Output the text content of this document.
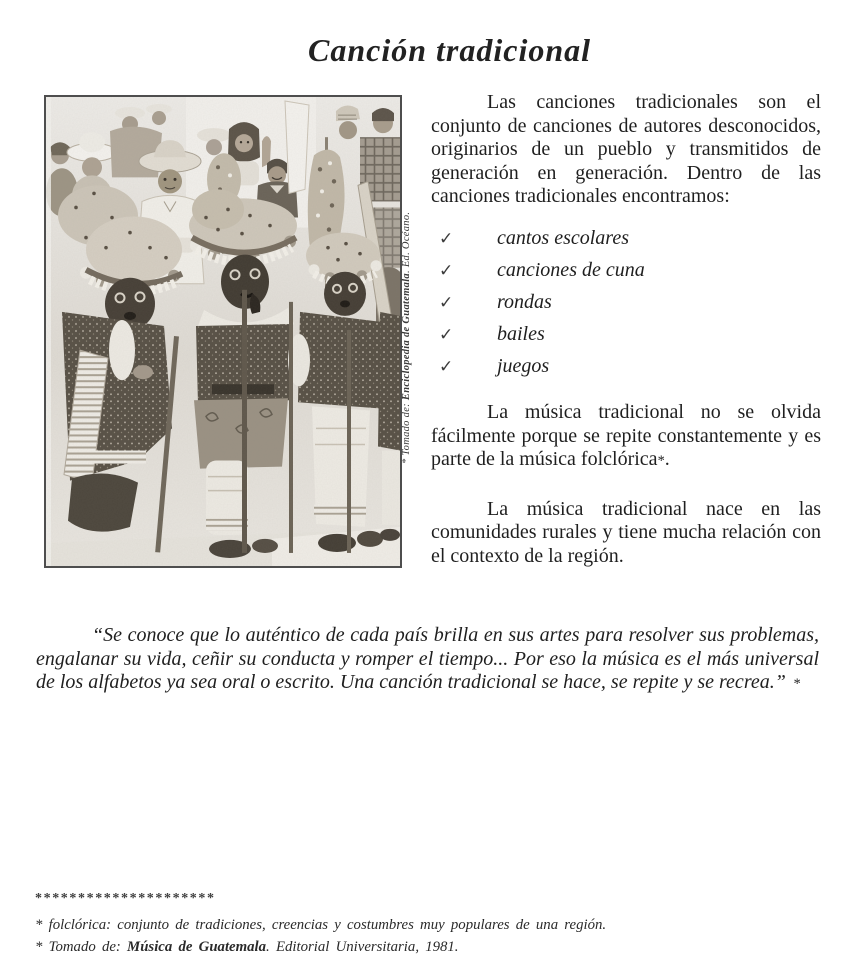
Canción tradicional
* Tomado de: Enciclopedia de Guatemala. Ed. Océano.

Las canciones tradicionales son el conjunto de canciones de autores desconocidos, originarios de un pueblo y transmitidos de generación en generación. Dentro de las canciones tradicionales encontramos:

✓ cantos escolares
✓ canciones de cuna
✓ rondas
✓ bailes
✓ juegos

La música tradicional no se olvida fácilmente porque se repite constantemente y es parte de la música folclórica*.

La música tradicional nace en las comunidades rurales y tiene mucha relación con el contexto de la región.

“Se conoce que lo auténtico de cada país brilla en sus artes para resolver sus problemas, engalanar su vida, ceñir su conducta y romper el tiempo... Por eso la música es el más universal de los alfabetos ya sea oral o escrito. Una canción tradicional se hace, se repite y se recrea.” *
*********************

* folclórica: conjunto de tradiciones, creencias y costumbres muy populares de una región.

* Tomado de: Música de Guatemala. Editorial Universitaria, 1981.
